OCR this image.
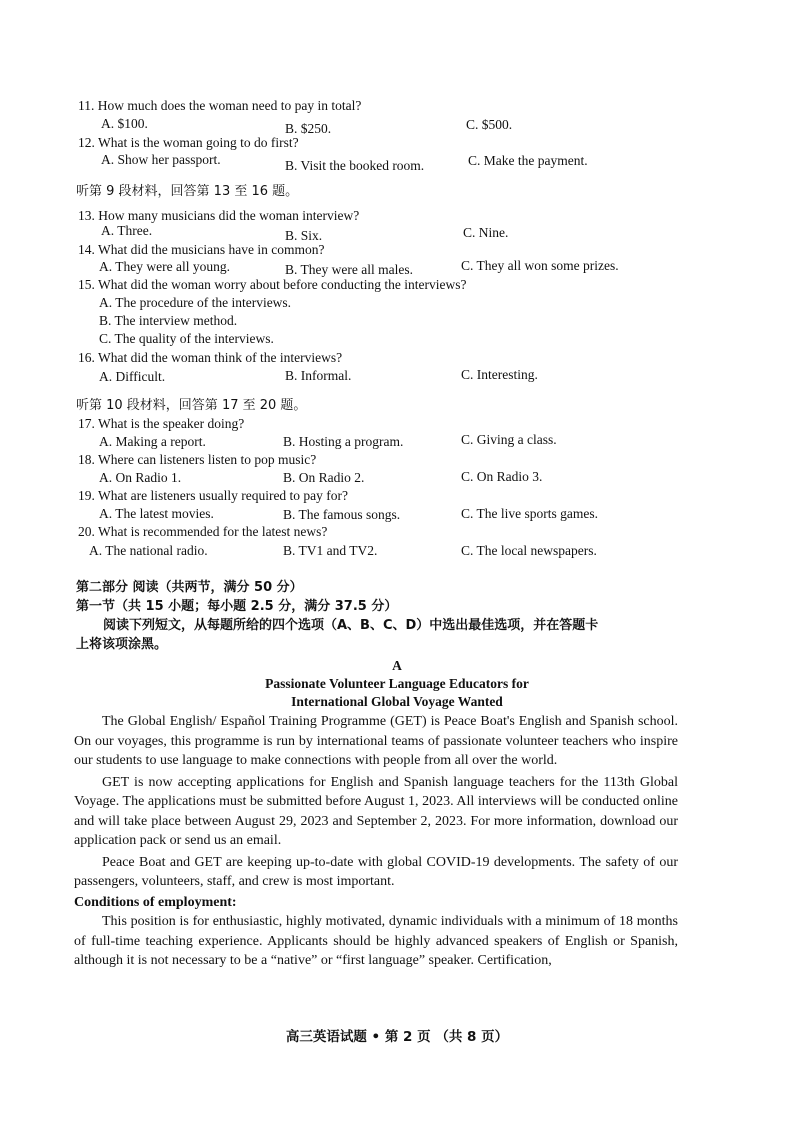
11. How much does the woman need to pay in total?
A. $100.	B. $250.	C. $500.
12. What is the woman going to do first?
A. Show her passport.	B. Visit the booked room.	C. Make the payment.
听第 9 段材料，回答第 13 至 16 题。
13. How many musicians did the woman interview?
A. Three.	B. Six.	C. Nine.
14. What did the musicians have in common?
A. They were all young.	B. They were all males.	C. They all won some prizes.
15. What did the woman worry about before conducting the interviews?
A. The procedure of the interviews.
B. The interview method.
C. The quality of the interviews.
16. What did the woman think of the interviews?
A. Difficult.	B. Informal.	C. Interesting.
听第 10 段材料，回答第 17 至 20 题。
17. What is the speaker doing?
A. Making a report.	B. Hosting a program.	C. Giving a class.
18. Where can listeners listen to pop music?
A. On Radio 1.	B. On Radio 2.	C. On Radio 3.
19. What are listeners usually required to pay for?
A. The latest movies.	B. The famous songs.	C. The live sports games.
20. What is recommended for the latest news?
A. The national radio.	B. TV1 and TV2.	C. The local newspapers.
第二部分 阅读（共两节，满分 50 分）
第一节（共 15 小题；每小题 2.5 分，满分 37.5 分）
阅读下列短文，从每题所给的四个选项（A、B、C、D）中选出最佳选项，并在答题卡
上将该项涂黑。
A
Passionate Volunteer Language Educators for
International Global Voyage Wanted

The Global English/ Español Training Programme (GET) is Peace Boat's English and Spanish school. On our voyages, this programme is run by international teams of passionate volunteer teachers who inspire our students to use language to make connections with people from all over the world.

GET is now accepting applications for English and Spanish language teachers for the 113th Global Voyage. The applications must be submitted before August 1, 2023. All interviews will be conducted online and will take place between August 29, 2023 and September 2, 2023. For more information, download our application pack or send us an email.

Peace Boat and GET are keeping up-to-date with global COVID-19 developments. The safety of our passengers, volunteers, staff, and crew is most important.

Conditions of employment:

This position is for enthusiastic, highly motivated, dynamic individuals with a minimum of 18 months of full-time teaching experience. Applicants should be highly advanced speakers of English or Spanish, although it is not necessary to be a “native” or “first language” speaker. Certification,

高三英语试题 • 第 2 页 （共 8 页）
